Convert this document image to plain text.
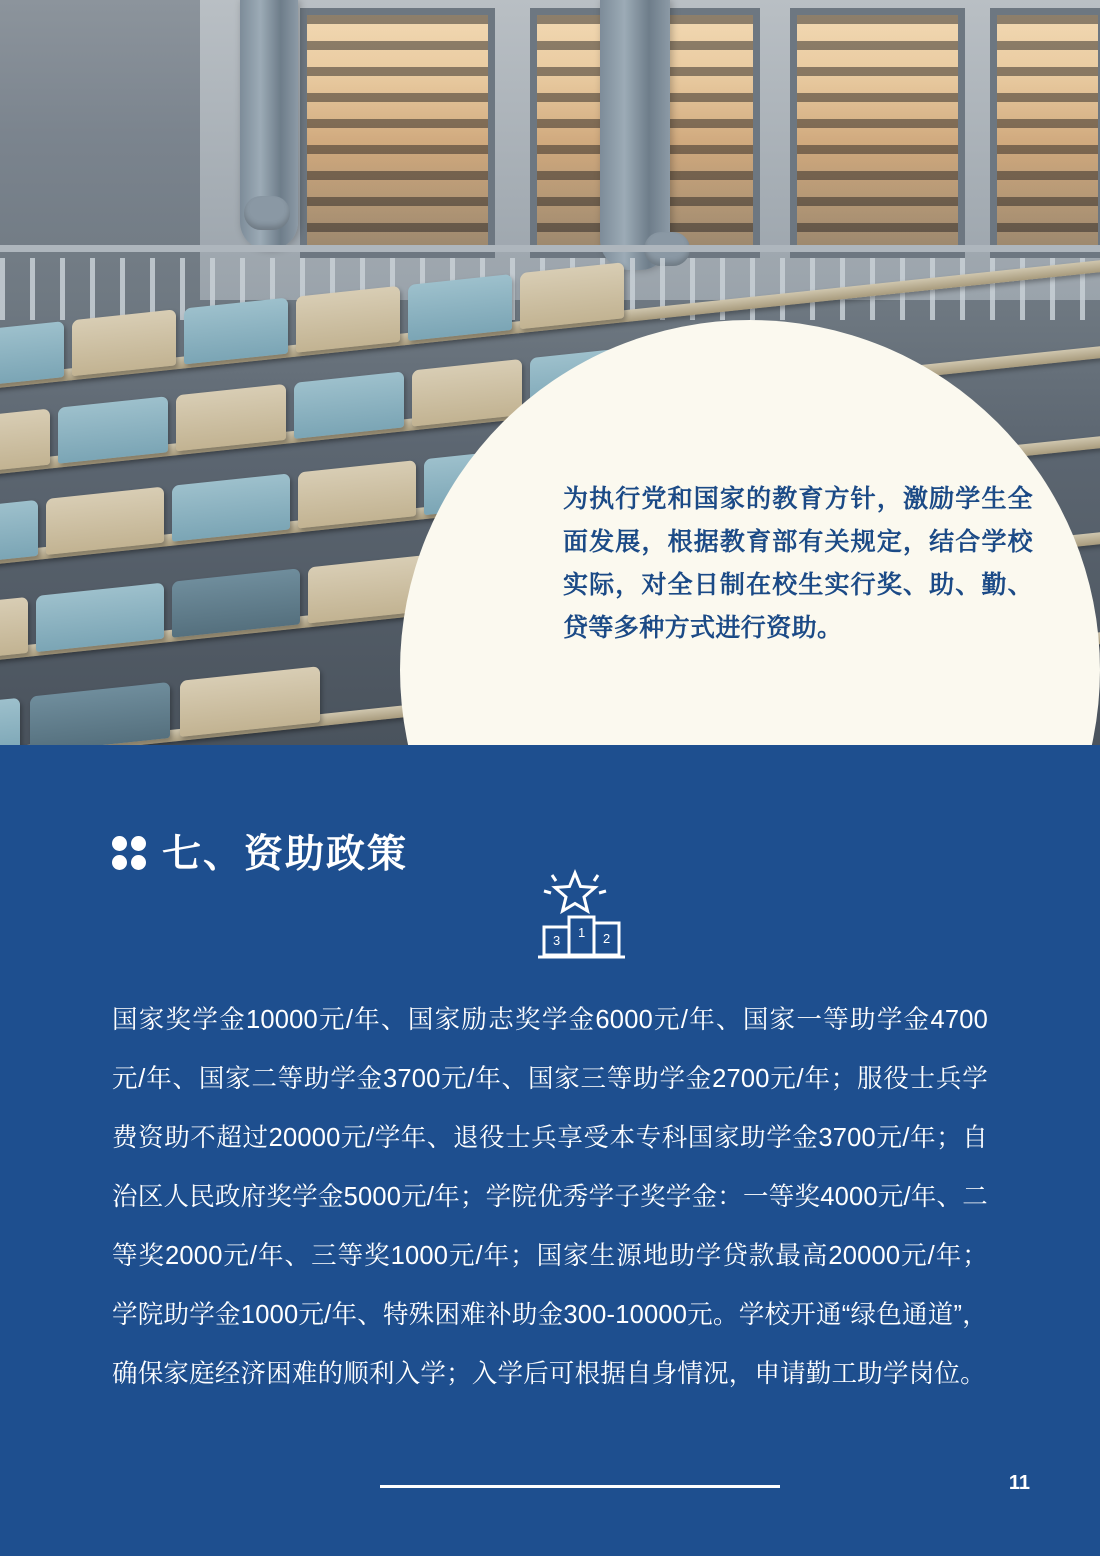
为执行党和国家的教育方针，激励学生全面发展，根据教育部有关规定，结合学校实际，对全日制在校生实行奖、助、勤、贷等多种方式进行资助。
七、资助政策
3
1 2
国家奖学金10000元/年、国家励志奖学金6000元/年、国家一等助学金4700元/年、国家二等助学金3700元/年、国家三等助学金2700元/年；服役士兵学费资助不超过20000元/学年、退役士兵享受本专科国家助学金3700元/年；自治区人民政府奖学金5000元/年；学院优秀学子奖学金：一等奖4000元/年、二等奖2000元/年、三等奖1000元/年；国家生源地助学贷款最高20000元/年；学院助学金1000元/年、特殊困难补助金300-10000元。学校开通“绿色通道”，确保家庭经济困难的顺利入学；入学后可根据自身情况，申请勤工助学岗位。
11
